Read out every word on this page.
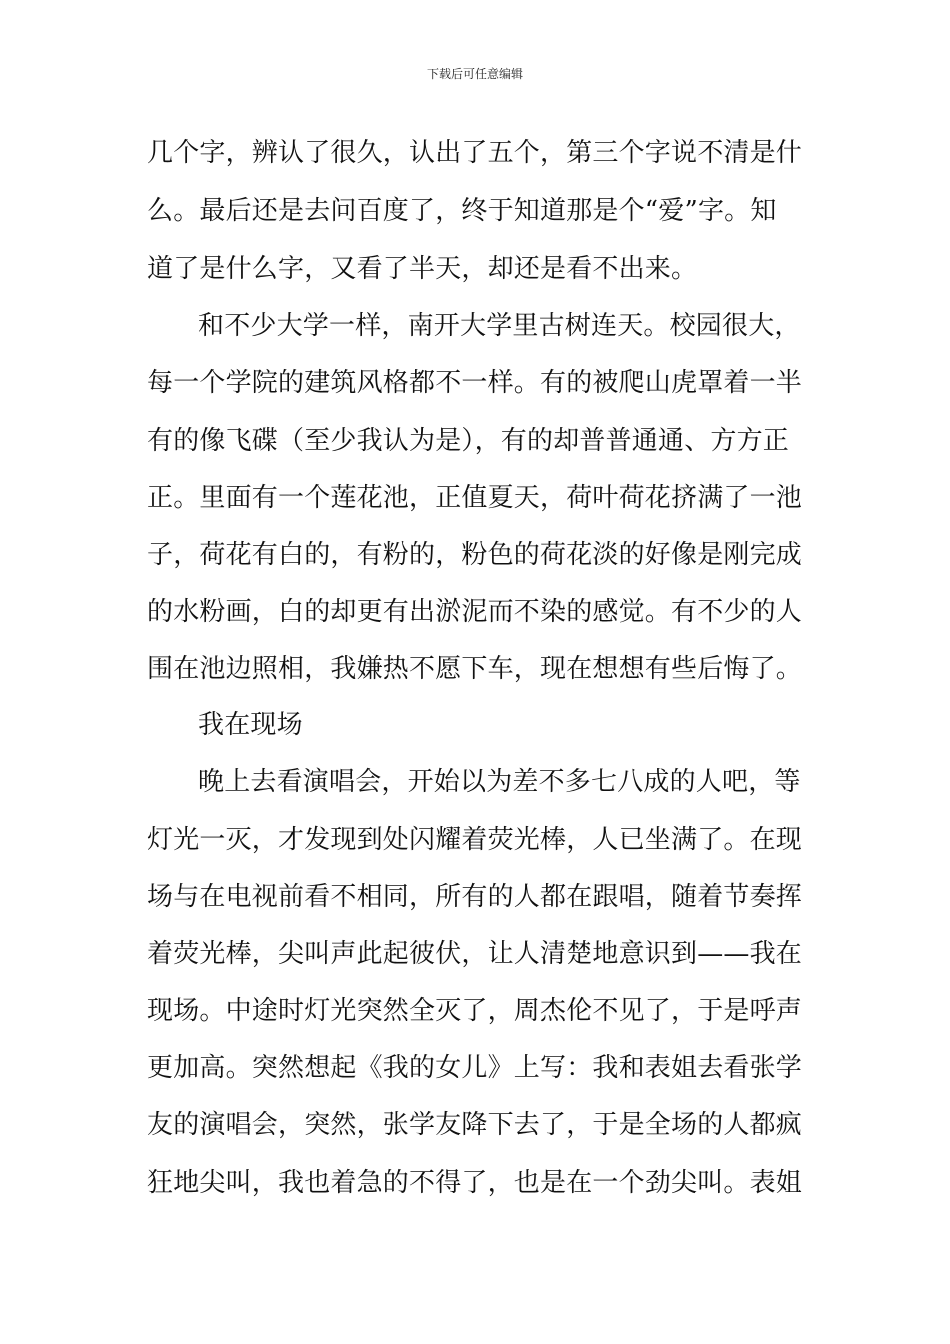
下载后可任意编辑
几个字，辨认了很久，认出了五个，第三个字说不清是什
么。最后还是去问百度了，终于知道那是个“爱”字。知
道了是什么字，又看了半天，却还是看不出来。
和不少大学一样，南开大学里古树连天。校园很大，
每一个学院的建筑风格都不一样。有的被爬山虎罩着一半
有的像飞碟（至少我认为是），有的却普普通通、方方正
正。里面有一个莲花池，正值夏天，荷叶荷花挤满了一池
子，荷花有白的，有粉的，粉色的荷花淡的好像是刚完成
的水粉画，白的却更有出淤泥而不染的感觉。有不少的人
围在池边照相，我嫌热不愿下车，现在想想有些后悔了。
我在现场
晚上去看演唱会，开始以为差不多七八成的人吧，等
灯光一灭，才发现到处闪耀着荧光棒，人已坐满了。在现
场与在电视前看不相同，所有的人都在跟唱，随着节奏挥
着荧光棒，尖叫声此起彼伏，让人清楚地意识到——我在
现场。中途时灯光突然全灭了，周杰伦不见了，于是呼声
更加高。突然想起《我的女儿》上写：我和表姐去看张学
友的演唱会，突然，张学友降下去了，于是全场的人都疯
狂地尖叫，我也着急的不得了，也是在一个劲尖叫。表姐
